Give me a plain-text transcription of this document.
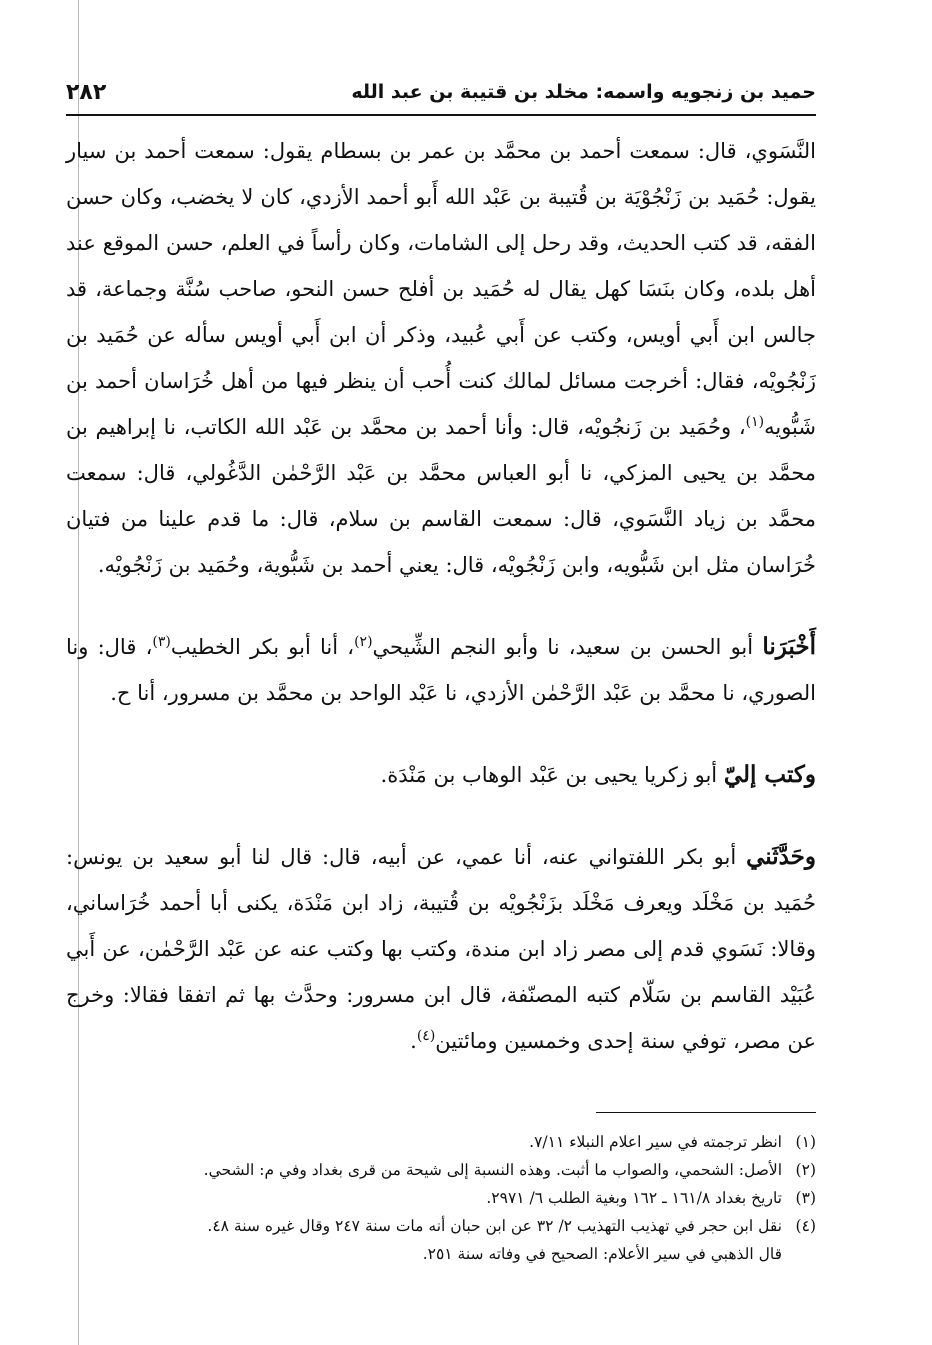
حميد بن زنجويه واسمه: مخلد بن قتيبة بن عبد الله
٢٨٢

النَّسَوي، قال: سمعت أحمد بن محمَّد بن عمر بن بسطام يقول: سمعت أحمد بن سيار يقول: حُمَيد بن زَنْجُوْيَة بن قُتيبة بن عَبْد الله أَبو أحمد الأزدي، كان لا يخضب، وكان حسن الفقه، قد كتب الحديث، وقد رحل إلى الشامات، وكان رأساً في العلم، حسن الموقع عند أهل بلده، وكان بنَسَا كهل يقال له حُمَيد بن أفلح حسن النحو، صاحب سُنَّة وجماعة، قد جالس ابن أَبي أويس، وكتب عن أَبي عُبيد، وذكر أن ابن أَبي أويس سأله عن حُمَيد بن زَنْجُويْه، فقال: أخرجت مسائل لمالك كنت أُحب أن ينظر فيها من أهل خُرَاسان أحمد بن شَبُّويه$^{(١)}$، وحُمَيد بن زَنجُويْه، قال: وأنا أحمد بن محمَّد بن عَبْد الله الكاتب، نا إبراهيم بن محمَّد بن يحيى المزكي، نا أبو العباس محمَّد بن عَبْد الرَّحْمٰن الدَّغُولي، قال: سمعت محمَّد بن زياد النَّسَوي، قال: سمعت القاسم بن سلام، قال: ما قدم علينا من فتيان خُرَاسان مثل ابن شَبُّويه، وابن زَنْجُويْه، قال: يعني أحمد بن شَبُّوية، وحُمَيد بن زَنْجُويْه.

أَخْبَرَنا أبو الحسن بن سعيد، نا وأبو النجم الشِّيحي$^{(٢)}$، أنا أبو بكر الخطيب$^{(٣)}$، قال: ونا الصوري، نا محمَّد بن عَبْد الرَّحْمٰن الأزدي، نا عَبْد الواحد بن محمَّد بن مسرور، أنا ح.

وكتب إليّ أبو زكريا يحيى بن عَبْد الوهاب بن مَنْدَة.

وحَدَّثَني أبو بكر اللفتواني عنه، أنا عمي، عن أبيه، قال: قال لنا أبو سعيد بن يونس: حُمَيد بن مَخْلَد ويعرف مَخْلَد بزَنْجُويْه بن قُتيبة، زاد ابن مَنْدَة، يكنى أبا أحمد خُرَاساني، وقالا: نَسَوي قدم إلى مصر زاد ابن مندة، وكتب بها وكتب عنه عن عَبْد الرَّحْمٰن، عن أَبي عُبَيْد القاسم بن سَلّام كتبه المصنّفة، قال ابن مسرور: وحدَّث بها ثم اتفقا فقالا: وخرج عن مصر، توفي سنة إحدى وخمسين ومائتين$^{(٤)}$.

(١)
انظر ترجمته في سير اعلام النبلاء ٧/١١.
(٢)
الأصل: الشحمي، والصواب ما أثبت. وهذه النسبة إلى شيحة من قرى بغداد وفي م: الشحي.
(٣)
تاريخ بغداد ١٦١/٨ ـ ١٦٢ وبغية الطلب ٦/ ٢٩٧١.
(٤)
نقل ابن حجر في تهذيب التهذيب ٢/ ٣٢ عن ابن حبان أنه مات سنة ٢٤٧ وقال غيره سنة ٤٨.
قال الذهبي في سير الأعلام: الصحيح في وفاته سنة ٢٥١.
